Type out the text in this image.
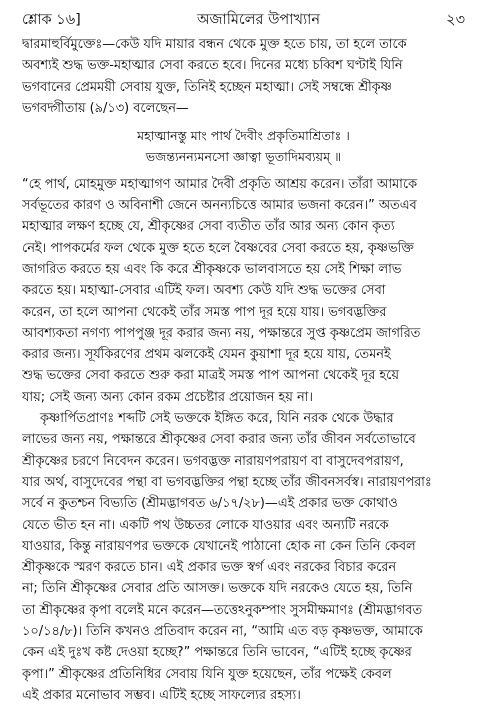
শ্লোক ১৬]	অজামিলের উপাখ্যান	২৩
দ্বারমাহুর্বিমুক্তেঃ—কেউ যদি মায়ার বন্ধন থেকে মুক্ত হতে চায়, তা হলে তাকে
অবশ্যই শুদ্ধ ভক্ত-মহাত্মার সেবা করতে হবে। দিনের মধ্যে চব্বিশ ঘণ্টাই যিনি
ভগবানের প্রেমময়ী সেবায় যুক্ত, তিনিই হচ্ছেন মহাত্মা। সেই সম্বন্ধে শ্রীকৃষ্ণ
ভগবদ্গীতায় (৯/১৩) বলেছেন—
মহাত্মানস্তু মাং পার্থ দৈবীং প্রকৃতিমাশ্রিতাঃ ।
ভজন্ত্যনন্যমনসো জ্ঞাত্বা ভূতাদিমব্যয়ম্ ॥
“হে পার্থ, মোহমুক্ত মহাত্মাগণ আমার দৈবী প্রকৃতি আশ্রয় করেন। তাঁরা আমাকে
সর্বভূতের কারণ ও অবিনাশী জেনে অনন্যচিত্তে আমার ভজনা করেন।” অতএব
মহাত্মার লক্ষণ হচ্ছে যে, শ্রীকৃষ্ণের সেবা ব্যতীত তাঁর আর অন্য কোন কৃত্য
নেই। পাপকর্মের ফল থেকে মুক্ত হতে হলে বৈষ্ণবের সেবা করতে হয়, কৃষ্ণভক্তি
জাগরিত করতে হয় এবং কি করে শ্রীকৃষ্ণকে ভালবাসতে হয় সেই শিক্ষা লাভ
করতে হয়। মহাত্মা-সেবার এটিই ফল। অবশ্য কেউ যদি শুদ্ধ ভক্তের সেবা
করেন, তা হলে আপনা থেকেই তাঁর সমস্ত পাপ দূর হয়ে যায়। ভগবদ্ভক্তির
আবশ্যকতা নগণ্য পাপপুঞ্জ দূর করার জন্য নয়, পক্ষান্তরে সুপ্ত কৃষ্ণপ্রেম জাগরিত
করার জন্য। সূর্যকিরণের প্রথম ঝলকেই যেমন কুয়াশা দূর হয়ে যায়, তেমনই
শুদ্ধ ভক্তের সেবা করতে শুরু করা মাত্রই সমস্ত পাপ আপনা থেকেই দূর হয়ে
যায়; সেই জন্য অন্য কোন রকম প্রচেষ্টার প্রয়োজন হয় না।
কৃষ্ণার্পিতপ্রাণঃ শব্দটি সেই ভক্তকে ইঙ্গিত করে, যিনি নরক থেকে উদ্ধার
লাভের জন্য নয়, পক্ষান্তরে শ্রীকৃষ্ণের সেবা করার জন্য তাঁর জীবন সর্বতোভাবে
শ্রীকৃষ্ণের চরণে নিবেদন করেন। ভগবদ্ভক্ত নারায়ণপরায়ণ বা বাসুদেবপরায়ণ,
যার অর্থ, বাসুদেবের পন্থা বা ভগবদ্ভক্তির পন্থা হচ্ছে তাঁর জীবনসর্বস্ব। নারায়ণপরাঃ
সর্বে ন কুতশ্চন বিভ্যতি (শ্রীমদ্ভাগবত ৬/১৭/২৮)—এই প্রকার ভক্ত কোথাও
যেতে ভীত হন না। একটি পথ উচ্চতর লোকে যাওয়ার এবং অন্যটি নরকে
যাওয়ার, কিন্তু নারায়ণপর ভক্তকে যেখানেই পাঠানো হোক না কেন তিনি কেবল
শ্রীকৃষ্ণকে স্মরণ করতে চান। এই প্রকার ভক্ত স্বর্গ এবং নরকের বিচার করেন
না; তিনি শ্রীকৃষ্ণের সেবার প্রতি আসক্ত। ভক্তকে যদি নরকেও যেতে হয়, তিনি
তা শ্রীকৃষ্ণের কৃপা বলেই মনে করেন—তত্তেঽনুকম্পাং সুসমীক্ষমাণঃ (শ্রীমদ্ভাগবত
১০/১৪/৮)। তিনি কখনও প্রতিবাদ করেন না, “আমি এত বড় কৃষ্ণভক্ত, আমাকে
কেন এই দুঃখ কষ্ট দেওয়া হচ্ছে?” পক্ষান্তরে তিনি ভাবেন, “এটিই হচ্ছে কৃষ্ণের
কৃপা।” শ্রীকৃষ্ণের প্রতিনিধির সেবায় যিনি যুক্ত হয়েছেন, তাঁর পক্ষেই কেবল
এই প্রকার মনোভাব সম্ভব। এটিই হচ্ছে সাফল্যের রহস্য।
